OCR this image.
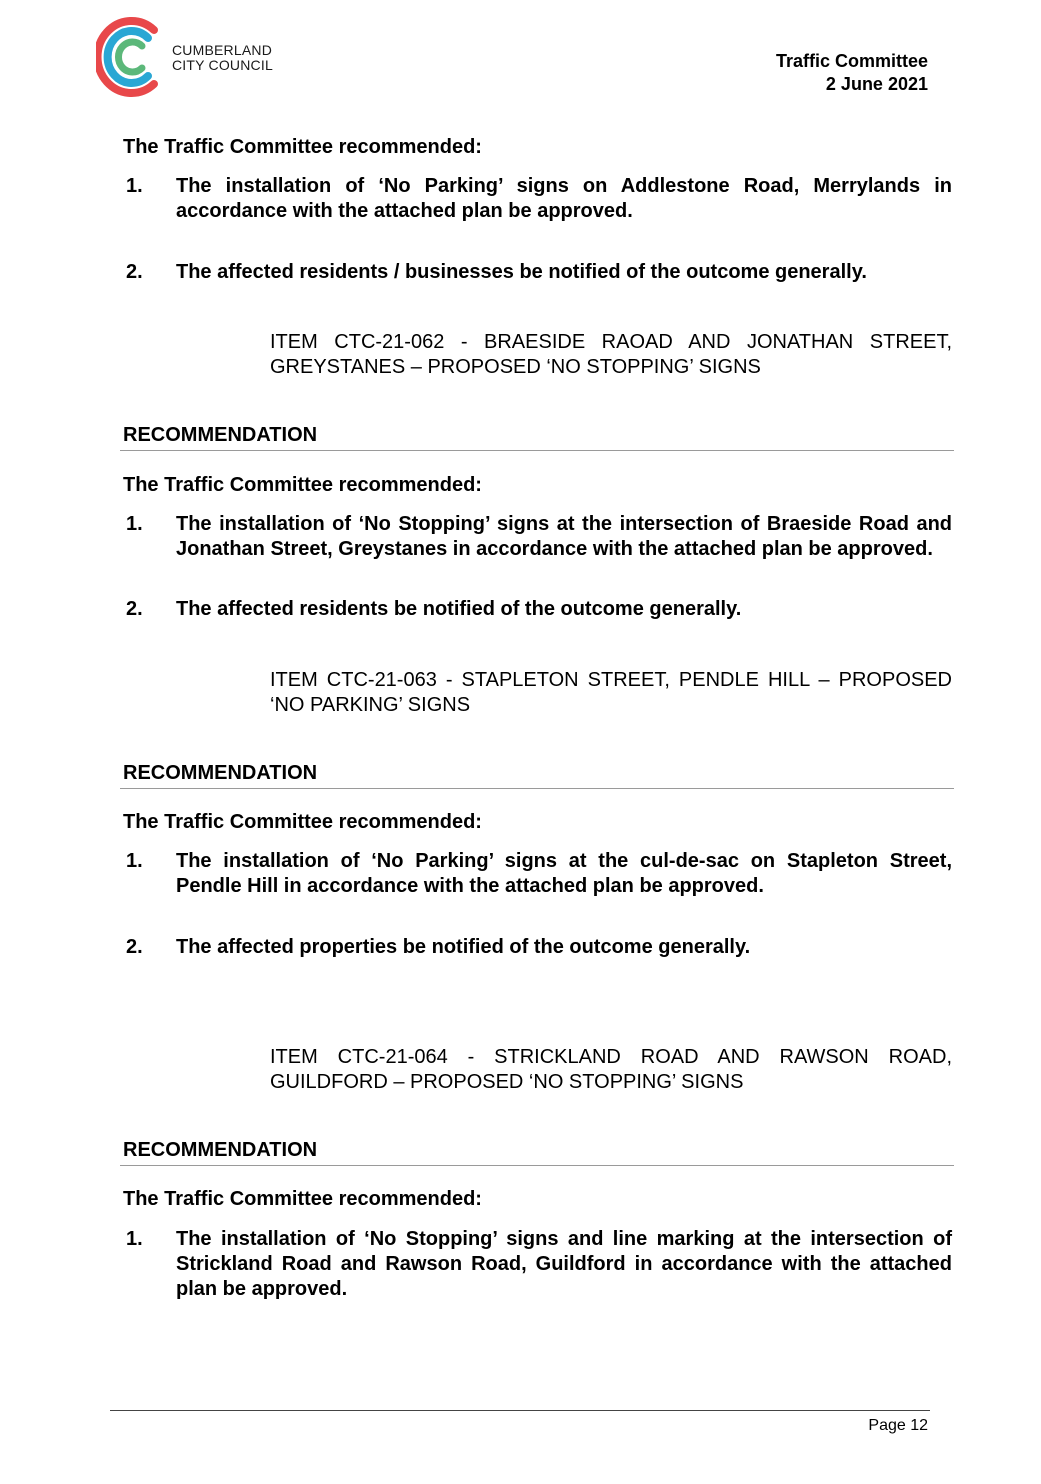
CUMBERLAND
CITY COUNCIL	Traffic Committee
2 June 2021
The Traffic Committee recommended:
1. The installation of ‘No Parking’ signs on Addlestone Road, Merrylands in accordance with the attached plan be approved.
2. The affected residents / businesses be notified of the outcome generally.
ITEM CTC-21-062 - BRAESIDE RAOAD AND JONATHAN STREET, GREYSTANES – PROPOSED ‘NO STOPPING’ SIGNS
RECOMMENDATION
The Traffic Committee recommended:
1. The installation of ‘No Stopping’ signs at the intersection of Braeside Road and Jonathan Street, Greystanes in accordance with the attached plan be approved.
2. The affected residents be notified of the outcome generally.
ITEM CTC-21-063 - STAPLETON STREET, PENDLE HILL – PROPOSED ‘NO PARKING’ SIGNS
RECOMMENDATION
The Traffic Committee recommended:
1. The installation of ‘No Parking’ signs at the cul-de-sac on Stapleton Street, Pendle Hill in accordance with the attached plan be approved.
2. The affected properties be notified of the outcome generally.
ITEM CTC-21-064 - STRICKLAND ROAD AND RAWSON ROAD, GUILDFORD – PROPOSED ‘NO STOPPING’ SIGNS
RECOMMENDATION
The Traffic Committee recommended:
1. The installation of ‘No Stopping’ signs and line marking at the intersection of Strickland Road and Rawson Road, Guildford in accordance with the attached plan be approved.
Page 12
